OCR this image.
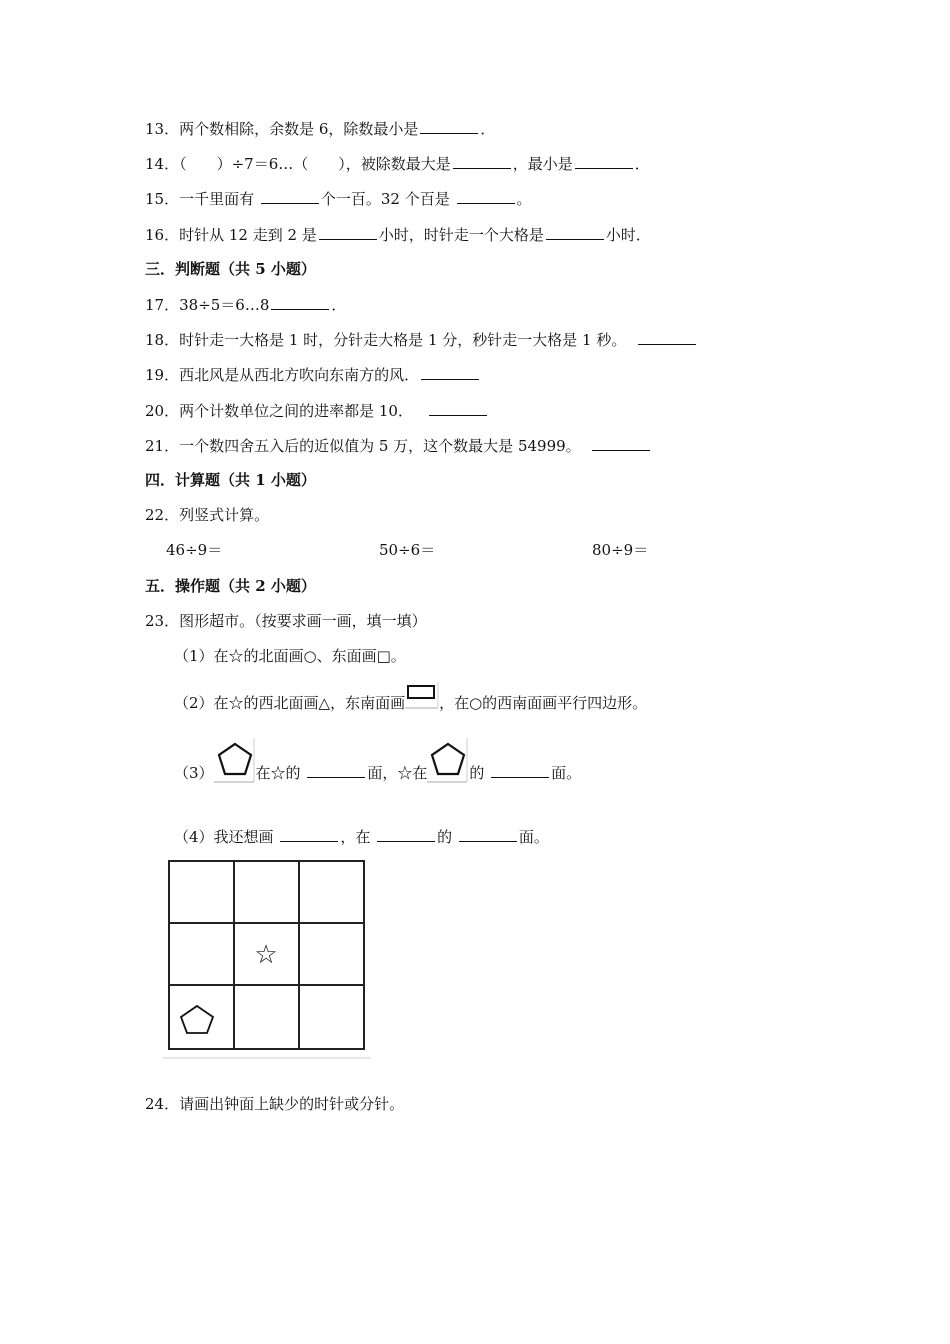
13．两个数相除，余数是 6，除数最小是	．
14．（　　）÷7＝6…（　　），被除数最大是	，最小是	．
15．一千里面有	个一百。32 个百是	。
16．时针从 12 走到 2 是	小时，时针走一个大格是	小时．
三．判断题（共 5 小题）
17．38÷5＝6…8	．
18．时针走一大格是 1 时，分针走大格是 1 分，秒针走一大格是 1 秒。
19．西北风是从西北方吹向东南方的风．
20．两个计数单位之间的进率都是 10．
21．一个数四舍五入后的近似值为 5 万，这个数最大是 54999。
四．计算题（共 1 小题）
22．列竖式计算。
46÷9＝	50÷6＝	80÷9＝
五．操作题（共 2 小题）
23．图形超市。（按要求画一画，填一填）
（1）在☆的北面画○、东面画□。
（2）在☆的西北面画△，东南面画 ，在○的西南面画平行四边形。
（3）	在☆的	面，☆在	的	面。
（4）我还想画	，在	的	面。
☆
24．请画出钟面上缺少的时针或分针。
